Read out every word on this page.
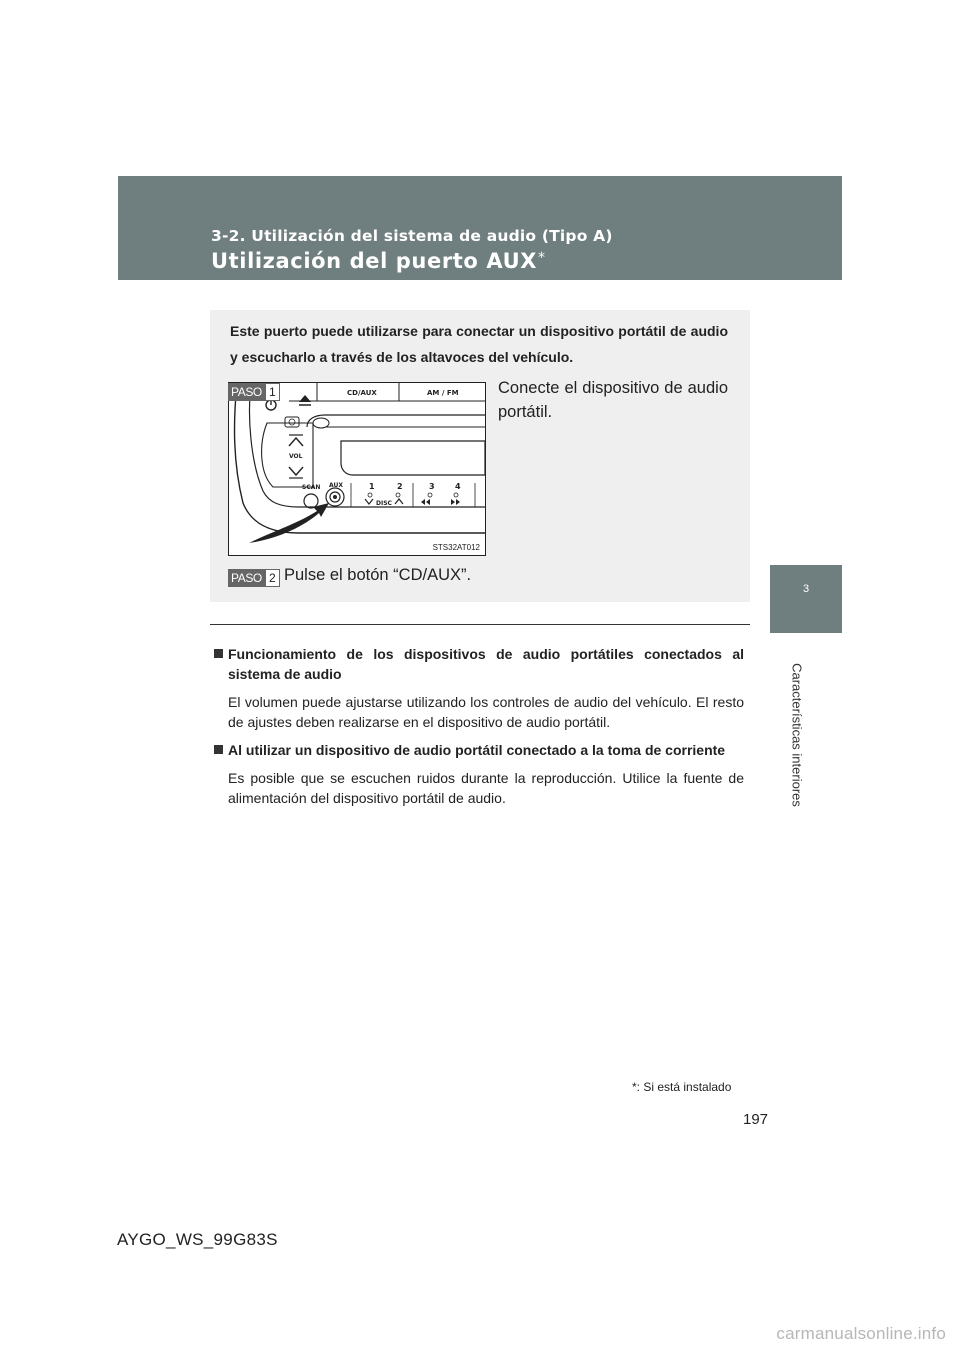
3-2. Utilización del sistema de audio (Tipo A)
Utilización del puerto AUX*
3
Características interiores
Este puerto puede utilizarse para conectar un dispositivo portátil de audio y escucharlo a través de los altavoces del vehículo.
CD/AUX	AM / FM
VOL
SCAN AUX	1	2	3	4
DISC
STS32AT012
PASO 1	Conecte el dispositivo de audio portátil.
PASO 2 Pulse el botón “CD/AUX”.
Funcionamiento de los dispositivos de audio portátiles conectados al sistema de audio
El volumen puede ajustarse utilizando los controles de audio del vehículo. El resto de ajustes deben realizarse en el dispositivo de audio portátil.
Al utilizar un dispositivo de audio portátil conectado a la toma de corriente
Es posible que se escuchen ruidos durante la reproducción. Utilice la fuente de alimentación del dispositivo portátil de audio.
*: Si está instalado
197
AYGO_WS_99G83S
carmanualsonline.info
